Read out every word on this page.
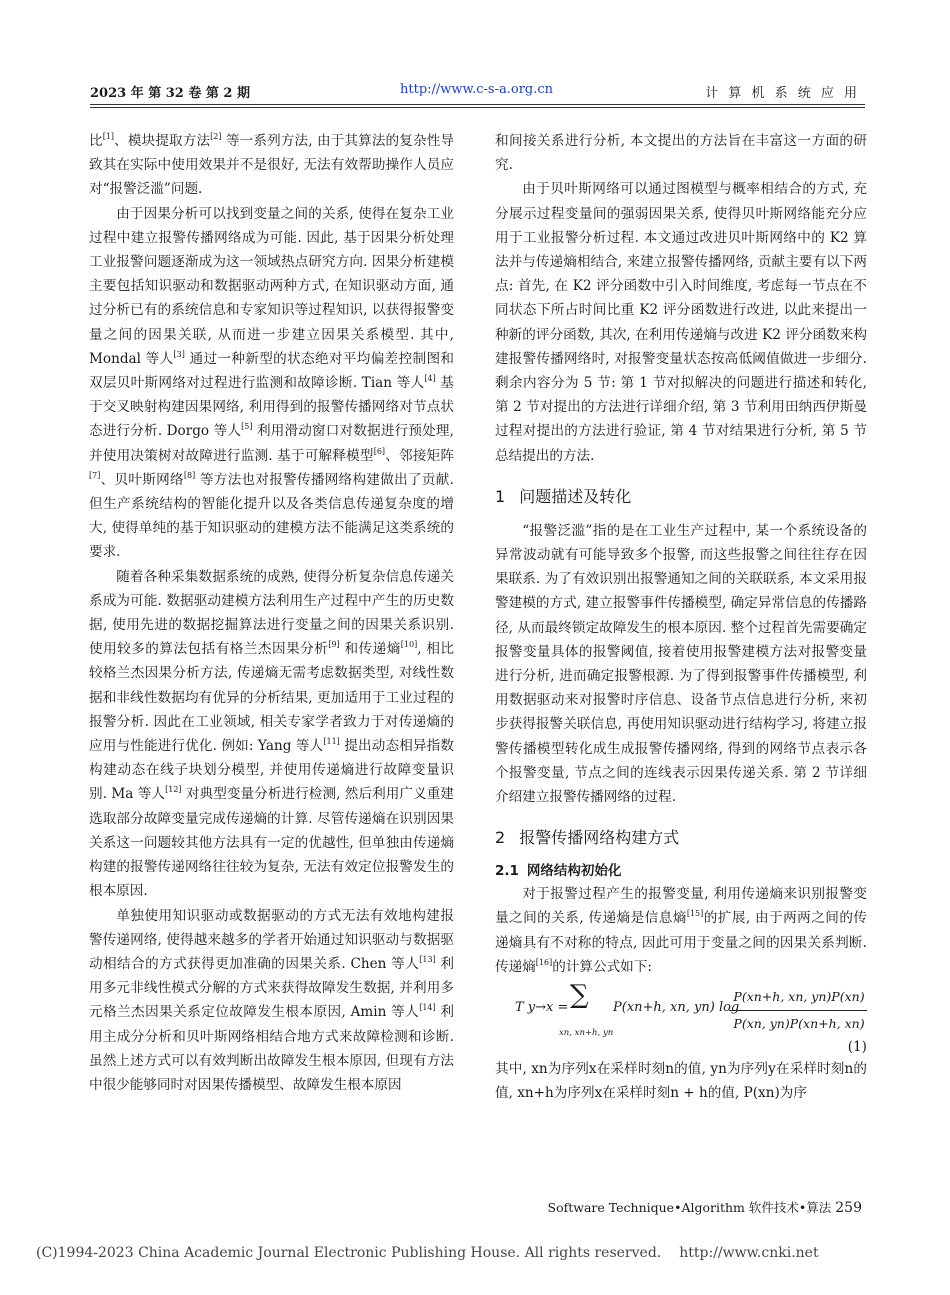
2023 年 第 32 卷 第 2 期	http://www.c-s-a.org.cn	计 算 机 系 统 应 用

比[1]、模块提取方法[2] 等一系列方法, 由于其算法的复杂性导致其在实际中使用效果并不是很好, 无法有效帮助操作人员应对“报警泛滥”问题.

由于因果分析可以找到变量之间的关系, 使得在复杂工业过程中建立报警传播网络成为可能. 因此, 基于因果分析处理工业报警问题逐渐成为这一领域热点研究方向. 因果分析建模主要包括知识驱动和数据驱动两种方式, 在知识驱动方面, 通过分析已有的系统信息和专家知识等过程知识, 以获得报警变量之间的因果关联, 从而进一步建立因果关系模型. 其中, Mondal 等人[3] 通过一种新型的状态绝对平均偏差控制图和双层贝叶斯网络对过程进行监测和故障诊断. Tian 等人[4] 基于交叉映射构建因果网络, 利用得到的报警传播网络对节点状态进行分析. Dorgo 等人[5] 利用滑动窗口对数据进行预处理, 并使用决策树对故障进行监测. 基于可解释模型[6]、邻接矩阵[7]、贝叶斯网络[8] 等方法也对报警传播网络构建做出了贡献. 但生产系统结构的智能化提升以及各类信息传递复杂度的增大, 使得单纯的基于知识驱动的建模方法不能满足这类系统的要求.

随着各种采集数据系统的成熟, 使得分析复杂信息传递关系成为可能. 数据驱动建模方法利用生产过程中产生的历史数据, 使用先进的数据挖掘算法进行变量之间的因果关系识别. 使用较多的算法包括有格兰杰因果分析[9] 和传递熵[10], 相比较格兰杰因果分析方法, 传递熵无需考虑数据类型, 对线性数据和非线性数据均有优异的分析结果, 更加适用于工业过程的报警分析. 因此在工业领域, 相关专家学者致力于对传递熵的应用与性能进行优化. 例如: Yang 等人[11] 提出动态相异指数构建动态在线子块划分模型, 并使用传递熵进行故障变量识别. Ma 等人[12] 对典型变量分析进行检测, 然后利用广义重建选取部分故障变量完成传递熵的计算. 尽管传递熵在识别因果关系这一问题较其他方法具有一定的优越性, 但单独由传递熵构建的报警传递网络往往较为复杂, 无法有效定位报警发生的根本原因.

单独使用知识驱动或数据驱动的方式无法有效地构建报警传递网络, 使得越来越多的学者开始通过知识驱动与数据驱动相结合的方式获得更加准确的因果关系. Chen 等人[13] 利用多元非线性模式分解的方式来获得故障发生数据, 并利用多元格兰杰因果关系定位故障发生根本原因, Amin 等人[14] 利用主成分分析和贝叶斯网络相结合地方式来故障检测和诊断. 虽然上述方式可以有效判断出故障发生根本原因, 但现有方法中很少能够同时对因果传播模型、故障发生根本原因

和间接关系进行分析, 本文提出的方法旨在丰富这一方面的研究.

由于贝叶斯网络可以通过图模型与概率相结合的方式, 充分展示过程变量间的强弱因果关系, 使得贝叶斯网络能充分应用于工业报警分析过程. 本文通过改进贝叶斯网络中的 K2 算法并与传递熵相结合, 来建立报警传播网络, 贡献主要有以下两点: 首先, 在 K2 评分函数中引入时间维度, 考虑每一节点在不同状态下所占时间比重 K2 评分函数进行改进, 以此来提出一种新的评分函数, 其次, 在利用传递熵与改进 K2 评分函数来构建报警传播网络时, 对报警变量状态按高低阈值做进一步细分. 剩余内容分为 5 节: 第 1 节对拟解决的问题进行描述和转化, 第 2 节对提出的方法进行详细介绍, 第 3 节利用田纳西伊斯曼过程对提出的方法进行验证, 第 4 节对结果进行分析, 第 5 节总结提出的方法.

1 问题描述及转化

“报警泛滥”指的是在工业生产过程中, 某一个系统设备的异常波动就有可能导致多个报警, 而这些报警之间往往存在因果联系. 为了有效识别出报警通知之间的关联联系, 本文采用报警建模的方式, 建立报警事件传播模型, 确定异常信息的传播路径, 从而最终锁定故障发生的根本原因. 整个过程首先需要确定报警变量具体的报警阈值, 接着使用报警建模方法对报警变量进行分析, 进而确定报警根源. 为了得到报警事件传播模型, 利用数据驱动来对报警时序信息、设备节点信息进行分析, 来初步获得报警关联信息, 再使用知识驱动进行结构学习, 将建立报警传播模型转化成生成报警传播网络, 得到的网络节点表示各个报警变量, 节点之间的连线表示因果传递关系. 第 2 节详细介绍建立报警传播网络的过程.

2 报警传播网络构建方式
2.1 网络结构初始化

对于报警过程产生的报警变量, 利用传递熵来识别报警变量之间的关系, 传递熵是信息熵[15]的扩展, 由于两两之间的传递熵具有不对称的特点, 因此可用于变量之间的因果关系判断. 传递熵[16]的计算公式如下:

T y→x = ∑
xn, xn+h, yn
P(xn+h, xn, yn) log
$\frac{P(xn+h, xn, yn)P(xn)}{P(xn, yn)P(xn+h, xn)}$
(1)

其中, xn为序列x在采样时刻n的值, yn为序列y在采样时刻n的值, xn+h为序列x在采样时刻n + h的值, P(xn)为序

Software Technique•Algorithm 软件技术•算法 259
(C)1994-2023 China Academic Journal Electronic Publishing House. All rights reserved. http://www.cnki.net
